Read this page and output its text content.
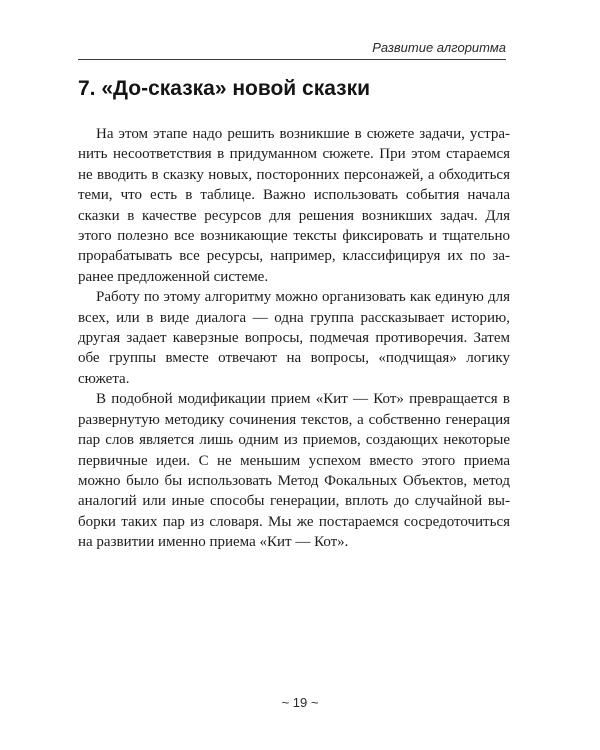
Развитие алгоритма
7. «До-сказка» новой сказки

На этом этапе надо решить возникшие в сюжете задачи, устранить несоответствия в придуманном сюжете. При этом стараемся не вводить в сказку новых, посторонних персонажей, а обходиться теми, что есть в таблице. Важно использовать события начала сказки в качестве ресурсов для решения возникших задач. Для этого полезно все возникающие тексты фиксировать и тщательно прорабатывать все ресурсы, например, классифицируя их по заранее предложенной системе.

Работу по этому алгоритму можно организовать как единую для всех, или в виде диалога — одна группа рассказывает историю, другая задает каверзные вопросы, подмечая противоречия. Затем обе группы вместе отвечают на вопросы, «подчищая» логику сюжета.

В подобной модификации прием «Кит — Кот» превращается в развернутую методику сочинения текстов, а собственно генерация пар слов является лишь одним из приемов, создающих некоторые первичные идеи. С не меньшим успехом вместо этого приема можно было бы использовать Метод Фокальных Объектов, метод аналогий или иные способы генерации, вплоть до случайной выборки таких пар из словаря. Мы же постараемся сосредоточиться на развитии именно приема «Кит — Кот».

~ 19 ~
